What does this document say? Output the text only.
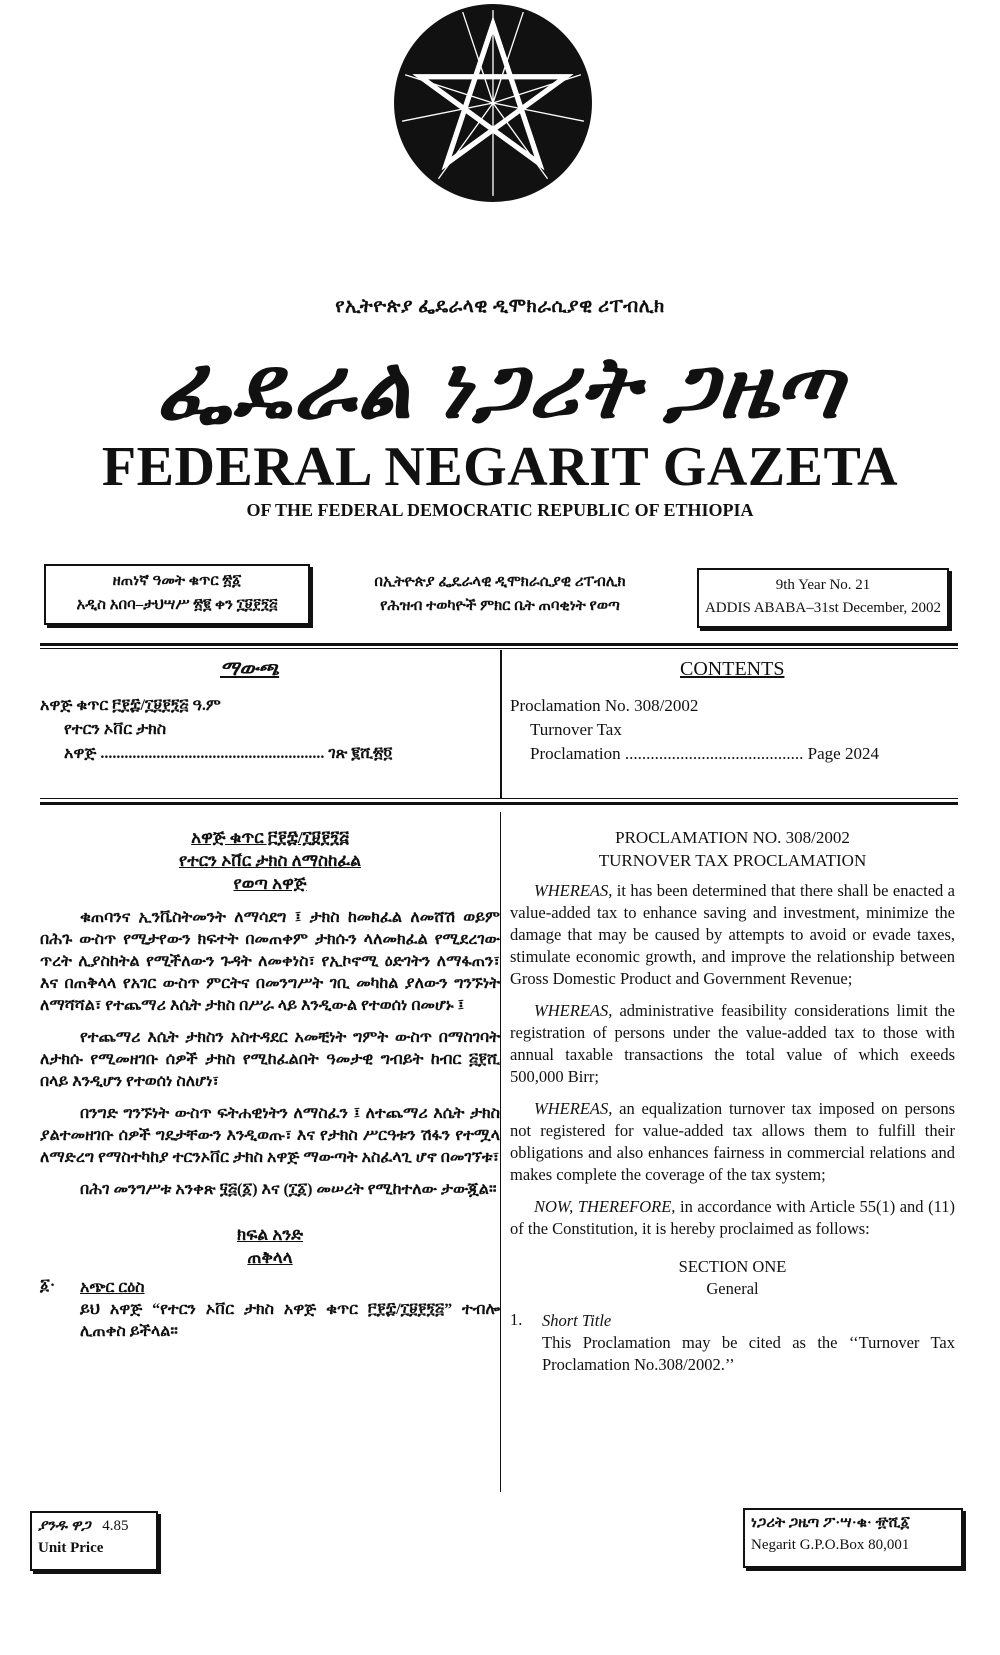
የኢትዮጵያ ፌዴራላዊ ዲሞክራሲያዊ ሪፐብሊክ
ፌዴራል ነጋሪት ጋዜጣ
FEDERAL NEGARIT GAZETA
OF THE FEDERAL DEMOCRATIC REPUBLIC OF ETHIOPIA
ዘጠነኛ ዓመት ቁጥር ፳፩
አዲስ አበባ–ታህሣሥ ፳፪ ቀን ፲፱፻፺፭
በኢትዮጵያ ፌዴራላዊ ዲሞክራሲያዊ ሪፐብሊክ
የሕዝብ ተወካዮች ምክር ቤት ጠባቂነት የወጣ
9th Year No. 21
ADDIS ABABA–31st December, 2002
ማውጫ	CONTENTS
አዋጅ ቁጥር ፫፻፰/፲፱፻፺፭ ዓ.ም
የተርን ኦቨር ታክስ
አዋጅ ........................................................ ገጽ ፪ሺ፳፬
Proclamation No. 308/2002
Turnover Tax
Proclamation .......................................... Page 2024
አዋጅ ቁጥር ፫፻፰/፲፱፻፺፭
የተርን ኦቨር ታክስ ለማስከፈል
የወጣ አዋጅ
ቁጠባንና ኢንቬስትመንት ለማሳደግ ፤ ታክስ ከመክፈል ለመሸሽ ወይም በሕጉ ውስጥ የሚታየውን ክፍተት በመጠቀም ታክሱን ላለመክፈል የሚደረገው ጥረት ሊያስከትል የሚችለውን ጉዳት ለመቀነስ፣ የኢኮኖሚ ዕድገትን ለማፋጠን፣ እና በጠቅላላ የአገር ውስጥ ምርትና በመንግሥት ገቢ መካከል ያለውን ግንኙነት ለማሻሻል፣ የተጨማሪ እሴት ታክስ በሥራ ላይ እንዲውል የተወሰነ በመሆኑ ፤
የተጨማሪ እሴት ታክስን አስተዳደር አመቺነት ግምት ውስጥ በማስገባት ለታክሱ የሚመዘገቡ ሰዎች ታክስ የሚከፈልበት ዓመታዊ ግብይት ከብር ፭፻ሺ በላይ እንዲሆን የተወሰነ ስለሆነ፣
በንግድ ግንኙነት ውስጥ ፍትሐዊነትን ለማስፈን ፤ ለተጨማሪ እሴት ታክስ ያልተመዘገቡ ሰዎች ግዴታቸውን እንዲወጡ፣ እና የታክስ ሥርዓቱን ሽፋን የተሟላ ለማድረግ የማስተካከያ ተርንኦቨር ታክስ አዋጅ ማውጣት አስፈላጊ ሆኖ በመገኘቱ፣
በሕገ መንግሥቱ አንቀጽ ፶፭(፩) እና (፲፩) መሠረት የሚከተለው ታውጇል።
ክፍል አንድ
ጠቅላላ
፩· አጭር ርዕስ
ይህ አዋጅ “የተርን ኦቨር ታክስ አዋጅ ቁጥር ፫፻፰/፲፱፻፺፭” ተብሎ ሊጠቀስ ይችላል።
PROCLAMATION NO. 308/2002
TURNOVER TAX PROCLAMATION
WHEREAS, it has been determined that there shall be enacted a value-added tax to enhance saving and investment, minimize the damage that may be caused by attempts to avoid or evade taxes, stimulate economic growth, and improve the relationship between Gross Domestic Product and Government Revenue;
WHEREAS, administrative feasibility considerations limit the registration of persons under the value-added tax to those with annual taxable transactions the total value of which exeeds 500,000 Birr;
WHEREAS, an equalization turnover tax imposed on persons not registered for value-added tax allows them to fulfill their obligations and also enhances fairness in commercial relations and makes complete the coverage of the tax system;
NOW, THEREFORE, in accordance with Article 55(1) and (11) of the Constitution, it is hereby proclaimed as follows:
SECTION ONE
General
1. Short Title
This Proclamation may be cited as the ‘‘Turnover Tax Proclamation No.308/2002.’’
ያንዱ ዋጋ 4.85
Unit Price
ነጋሪት ጋዜጣ ፖ·ሣ·ቁ· ፹ሺ፩
Negarit G.P.O.Box 80,001
